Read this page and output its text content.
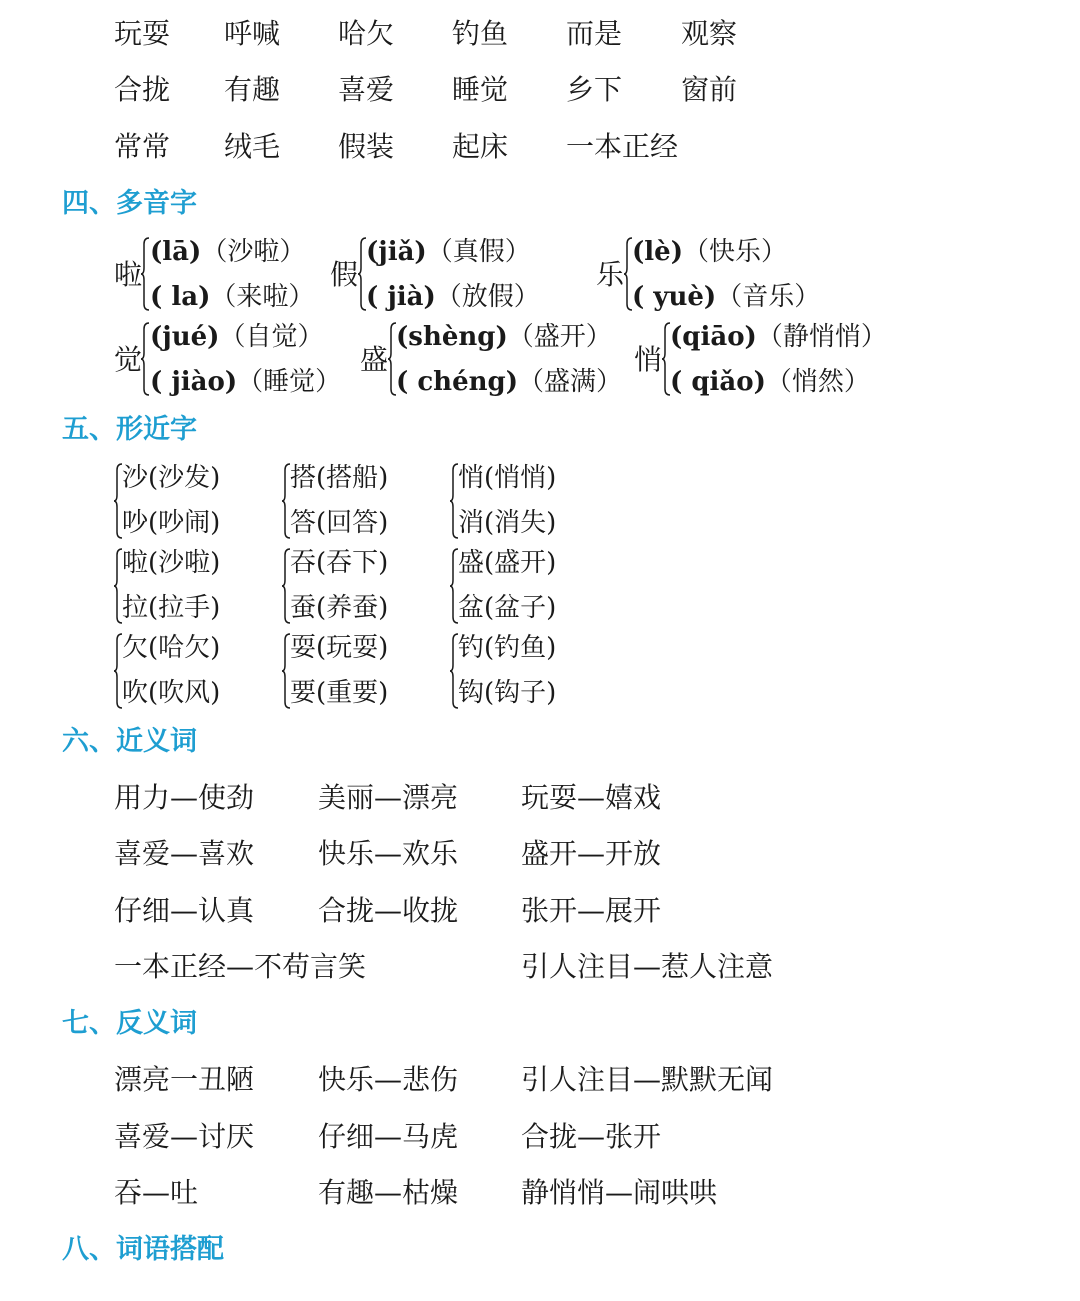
玩耍 呼喊 哈欠 钓鱼 而是 观察
合拢 有趣 喜爱 睡觉 乡下 窗前
常常 绒毛 假装 起床 一本正经
四、多音字
啦
(lā)（沙啦）
( la)（来啦）
假
(jiǎ)（真假）
( jià)（放假）
乐
(lè)（快乐）
( yuè)（音乐）
觉
(jué)（自觉）
( jiào)（睡觉）
盛
(shèng)（盛开）
( chéng)（盛满）
悄
(qiāo)（静悄悄）
( qiǎo)（悄然）
五、形近字
沙(沙发)
吵(吵闹)
搭(搭船)
答(回答)
悄(悄悄)
消(消失)
啦(沙啦)
拉(拉手)
吞(吞下)
蚕(养蚕)
盛(盛开)
盆(盆子)
欠(哈欠)
吹(吹风)
耍(玩耍)
要(重要)
钓(钓鱼)
钩(钩子)
六、近义词
用力—使劲 美丽—漂亮 玩耍—嬉戏
喜爱—喜欢 快乐—欢乐 盛开—开放
仔细—认真 合拢—收拢 张开—展开
一本正经—不苟言笑	引人注目—惹人注意
七、反义词
漂亮一丑陋 快乐—悲伤 引人注目—默默无闻
喜爱—讨厌 仔细—马虎 合拢—张开
吞—吐	有趣—枯燥 静悄悄—闹哄哄
八、词语搭配
